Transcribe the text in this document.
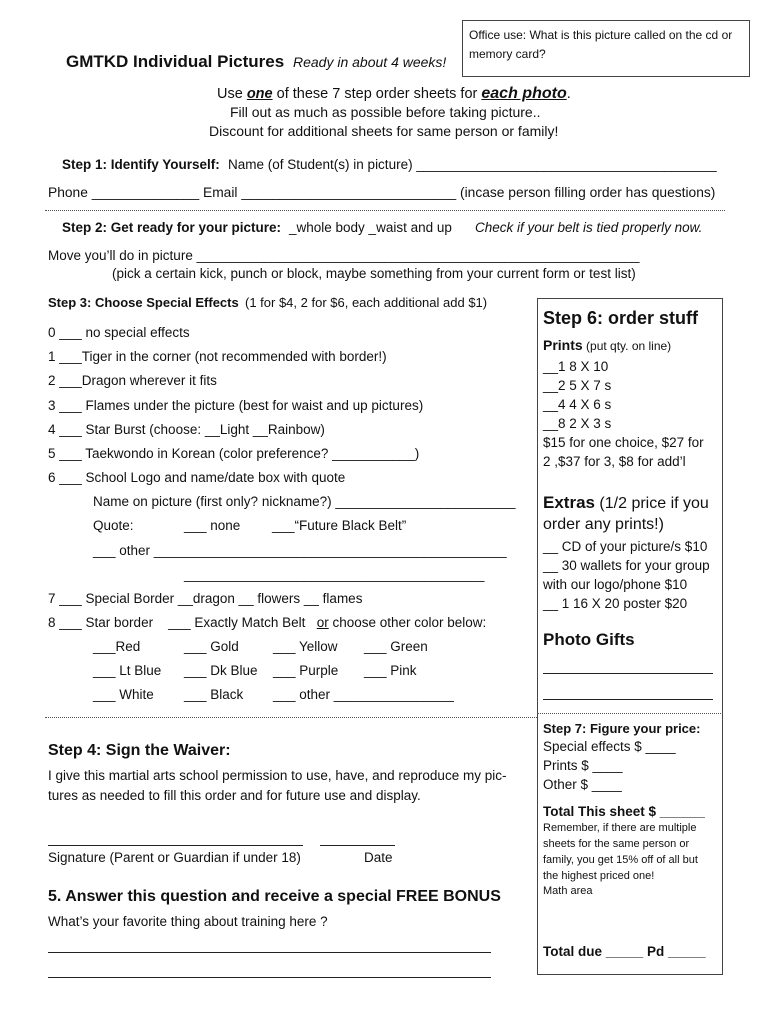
Office use: What is this picture called on the cd or
memory card?
GMTKD Individual Pictures Ready in about 4 weeks!
Use one of these 7 step order sheets for each photo.
Fill out as much as possible before taking picture..
Discount for additional sheets for same person or family!
Step 1: Identify Yourself: Name (of Student(s) in picture) ________________________________________
Phone ______________ Email ____________________________ (incase person filling order has questions)
Step 2: Get ready for your picture: _whole body _waist and up Check if your belt is tied properly now.
Move you’ll do in picture ___________________________________________________________
(pick a certain kick, punch or block, maybe something from your current form or test list)
Step 3: Choose Special Effects (1 for $4, 2 for $6, each additional add $1)
0 ___ no special effects
1 ___Tiger in the corner (not recommended with border!)
2 ___Dragon wherever it fits
3 ___ Flames under the picture (best for waist and up pictures)
4 ___ Star Burst (choose: __Light __Rainbow)
5 ___ Taekwondo in Korean (color preference? ___________)
6 ___ School Logo and name/date box with quote
Name on picture (first only? nickname?) ________________________
Quote:	___ none ___“Future Black Belt”
___ other _______________________________________________
________________________________________
7 ___ Special Border __dragon __ flowers __ flames
8 ___ Star border ___ Exactly Match Belt or choose other color below:
___Red	___ Gold	___ Yellow ___ Green
___ Lt Blue ___ Dk Blue ___ Purple ___ Pink
___ White ___ Black ___ other ________________
Step 6: order stuff
Prints (put qty. on line)
__1 8 X 10
__2 5 X 7 s
__4 4 X 6 s
__8 2 X 3 s
$15 for one choice, $27 for
2 ,$37 for 3, $8 for add’l
Extras (1/2 price if you
order any prints!)
__ CD of your picture/s $10
__ 30 wallets for your group
with our logo/phone $10
__ 1 16 X 20 poster $20
Photo Gifts
Step 7: Figure your price:
Special effects $ ____
Prints $ ____
Other $ ____
Total This sheet $ ______
Remember, if there are multiple
sheets for the same person or
family, you get 15% off of all but
the highest priced one!
Math area
Total due _____ Pd _____
Step 4: Sign the Waiver:
I give this martial arts school permission to use, have, and reproduce my pic-
tures as needed to fill this order and for future use and display.
Signature (Parent or Guardian if under 18)	Date
5. Answer this question and receive a special FREE BONUS
What’s your favorite thing about training here ?
